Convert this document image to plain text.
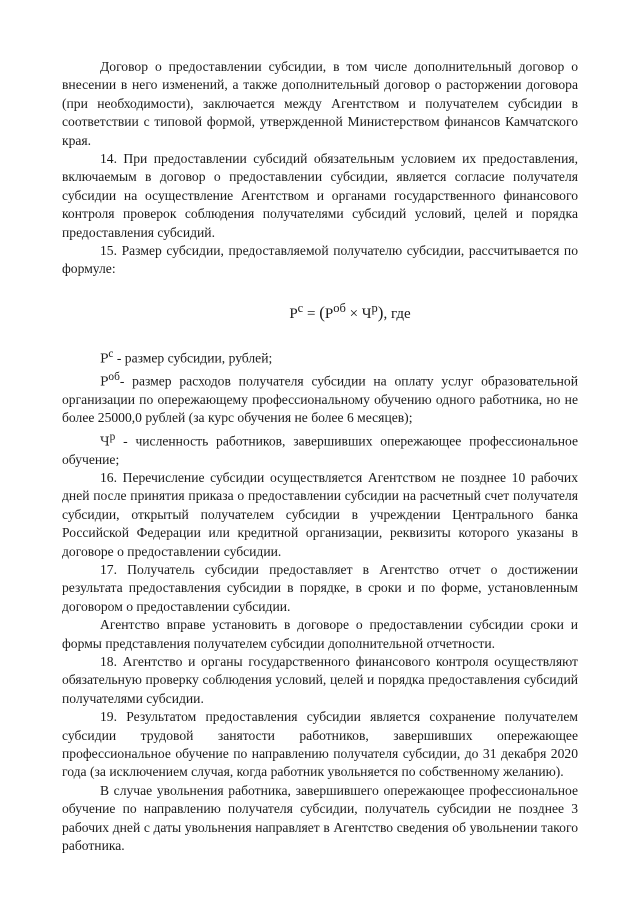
Договор о предоставлении субсидии, в том числе дополнительный договор о внесении в него изменений, а также дополнительный договор о расторжении договора (при необходимости), заключается между Агентством и получателем субсидии в соответствии с типовой формой, утвержденной Министерством финансов Камчатского края.

14. При предоставлении субсидий обязательным условием их предоставления, включаемым в договор о предоставлении субсидии, является согласие получателя субсидии на осуществление Агентством и органами государственного финансового контроля проверок соблюдения получателями субсидий условий, целей и порядка предоставления субсидий.

15. Размер субсидии, предоставляемой получателю субсидии, рассчитывается по формуле:

$Р^с = (Р^{об} \times Ч^р)$, где

$Р^с$ - размер субсидии, рублей;

$Р^{об}-$ размер расходов получателя субсидии на оплату услуг образовательной организации по опережающему профессиональному обучению одного работника, но не более 25000,0 рублей (за курс обучения не более 6 месяцев);

$Ч^р$ - численность работников, завершивших опережающее профессиональное обучение;

16. Перечисление субсидии осуществляется Агентством не позднее 10 рабочих дней после принятия приказа о предоставлении субсидии на расчетный счет получателя субсидии, открытый получателем субсидии в учреждении Центрального банка Российской Федерации или кредитной организации, реквизиты которого указаны в договоре о предоставлении субсидии.

17. Получатель субсидии предоставляет в Агентство отчет о достижении результата предоставления субсидии в порядке, в сроки и по форме, установленным договором о предоставлении субсидии.

Агентство вправе установить в договоре о предоставлении субсидии сроки и формы представления получателем субсидии дополнительной отчетности.

18. Агентство и органы государственного финансового контроля осуществляют обязательную проверку соблюдения условий, целей и порядка предоставления субсидий получателями субсидии.

19. Результатом предоставления субсидии является сохранение получателем субсидии трудовой занятости работников, завершивших опережающее профессиональное обучение по направлению получателя субсидии, до 31 декабря 2020 года (за исключением случая, когда работник увольняется по собственному желанию).

В случае увольнения работника, завершившего опережающее профессиональное обучение по направлению получателя субсидии, получатель субсидии не позднее 3 рабочих дней с даты увольнения направляет в Агентство сведения об увольнении такого работника.
